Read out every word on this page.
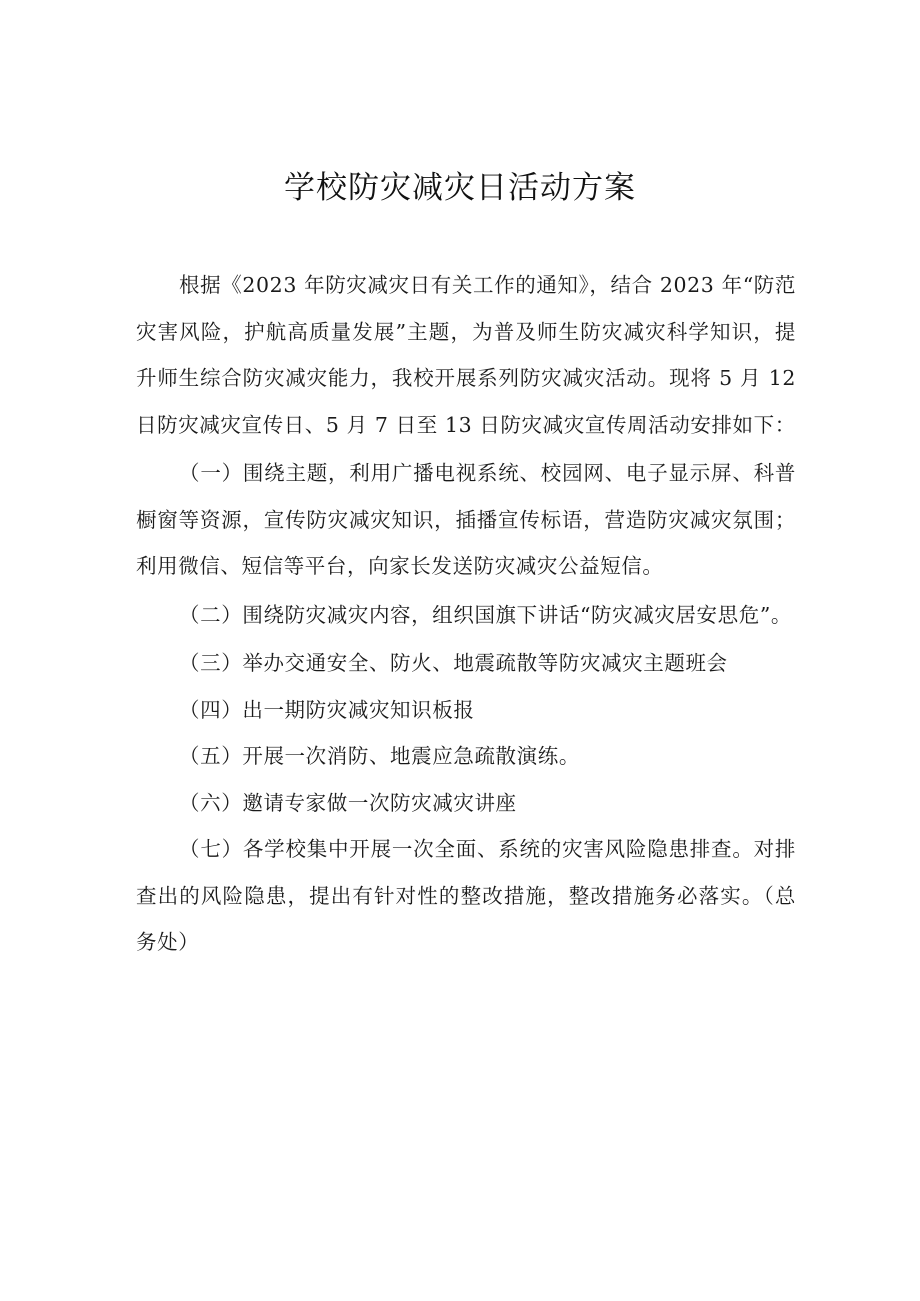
学校防灾减灾日活动方案

根据《2023 年防灾减灾日有关工作的通知》，结合 2023 年“防范灾害风险，护航高质量发展”主题，为普及师生防灾减灾科学知识，提升师生综合防灾减灾能力，我校开展系列防灾减灾活动。现将 5 月 12 日防灾减灾宣传日、5 月 7 日至 13 日防灾减灾宣传周活动安排如下：

（一）围绕主题，利用广播电视系统、校园网、电子显示屏、科普橱窗等资源，宣传防灾减灾知识，插播宣传标语，营造防灾减灾氛围；利用微信、短信等平台，向家长发送防灾减灾公益短信。

（二）围绕防灾减灾内容，组织国旗下讲话“防灾减灾居安思危”。

（三）举办交通安全、防火、地震疏散等防灾减灾主题班会

（四）出一期防灾减灾知识板报

（五）开展一次消防、地震应急疏散演练。

（六）邀请专家做一次防灾减灾讲座

（七）各学校集中开展一次全面、系统的灾害风险隐患排查。对排查出的风险隐患，提出有针对性的整改措施，整改措施务必落实。（总务处）
